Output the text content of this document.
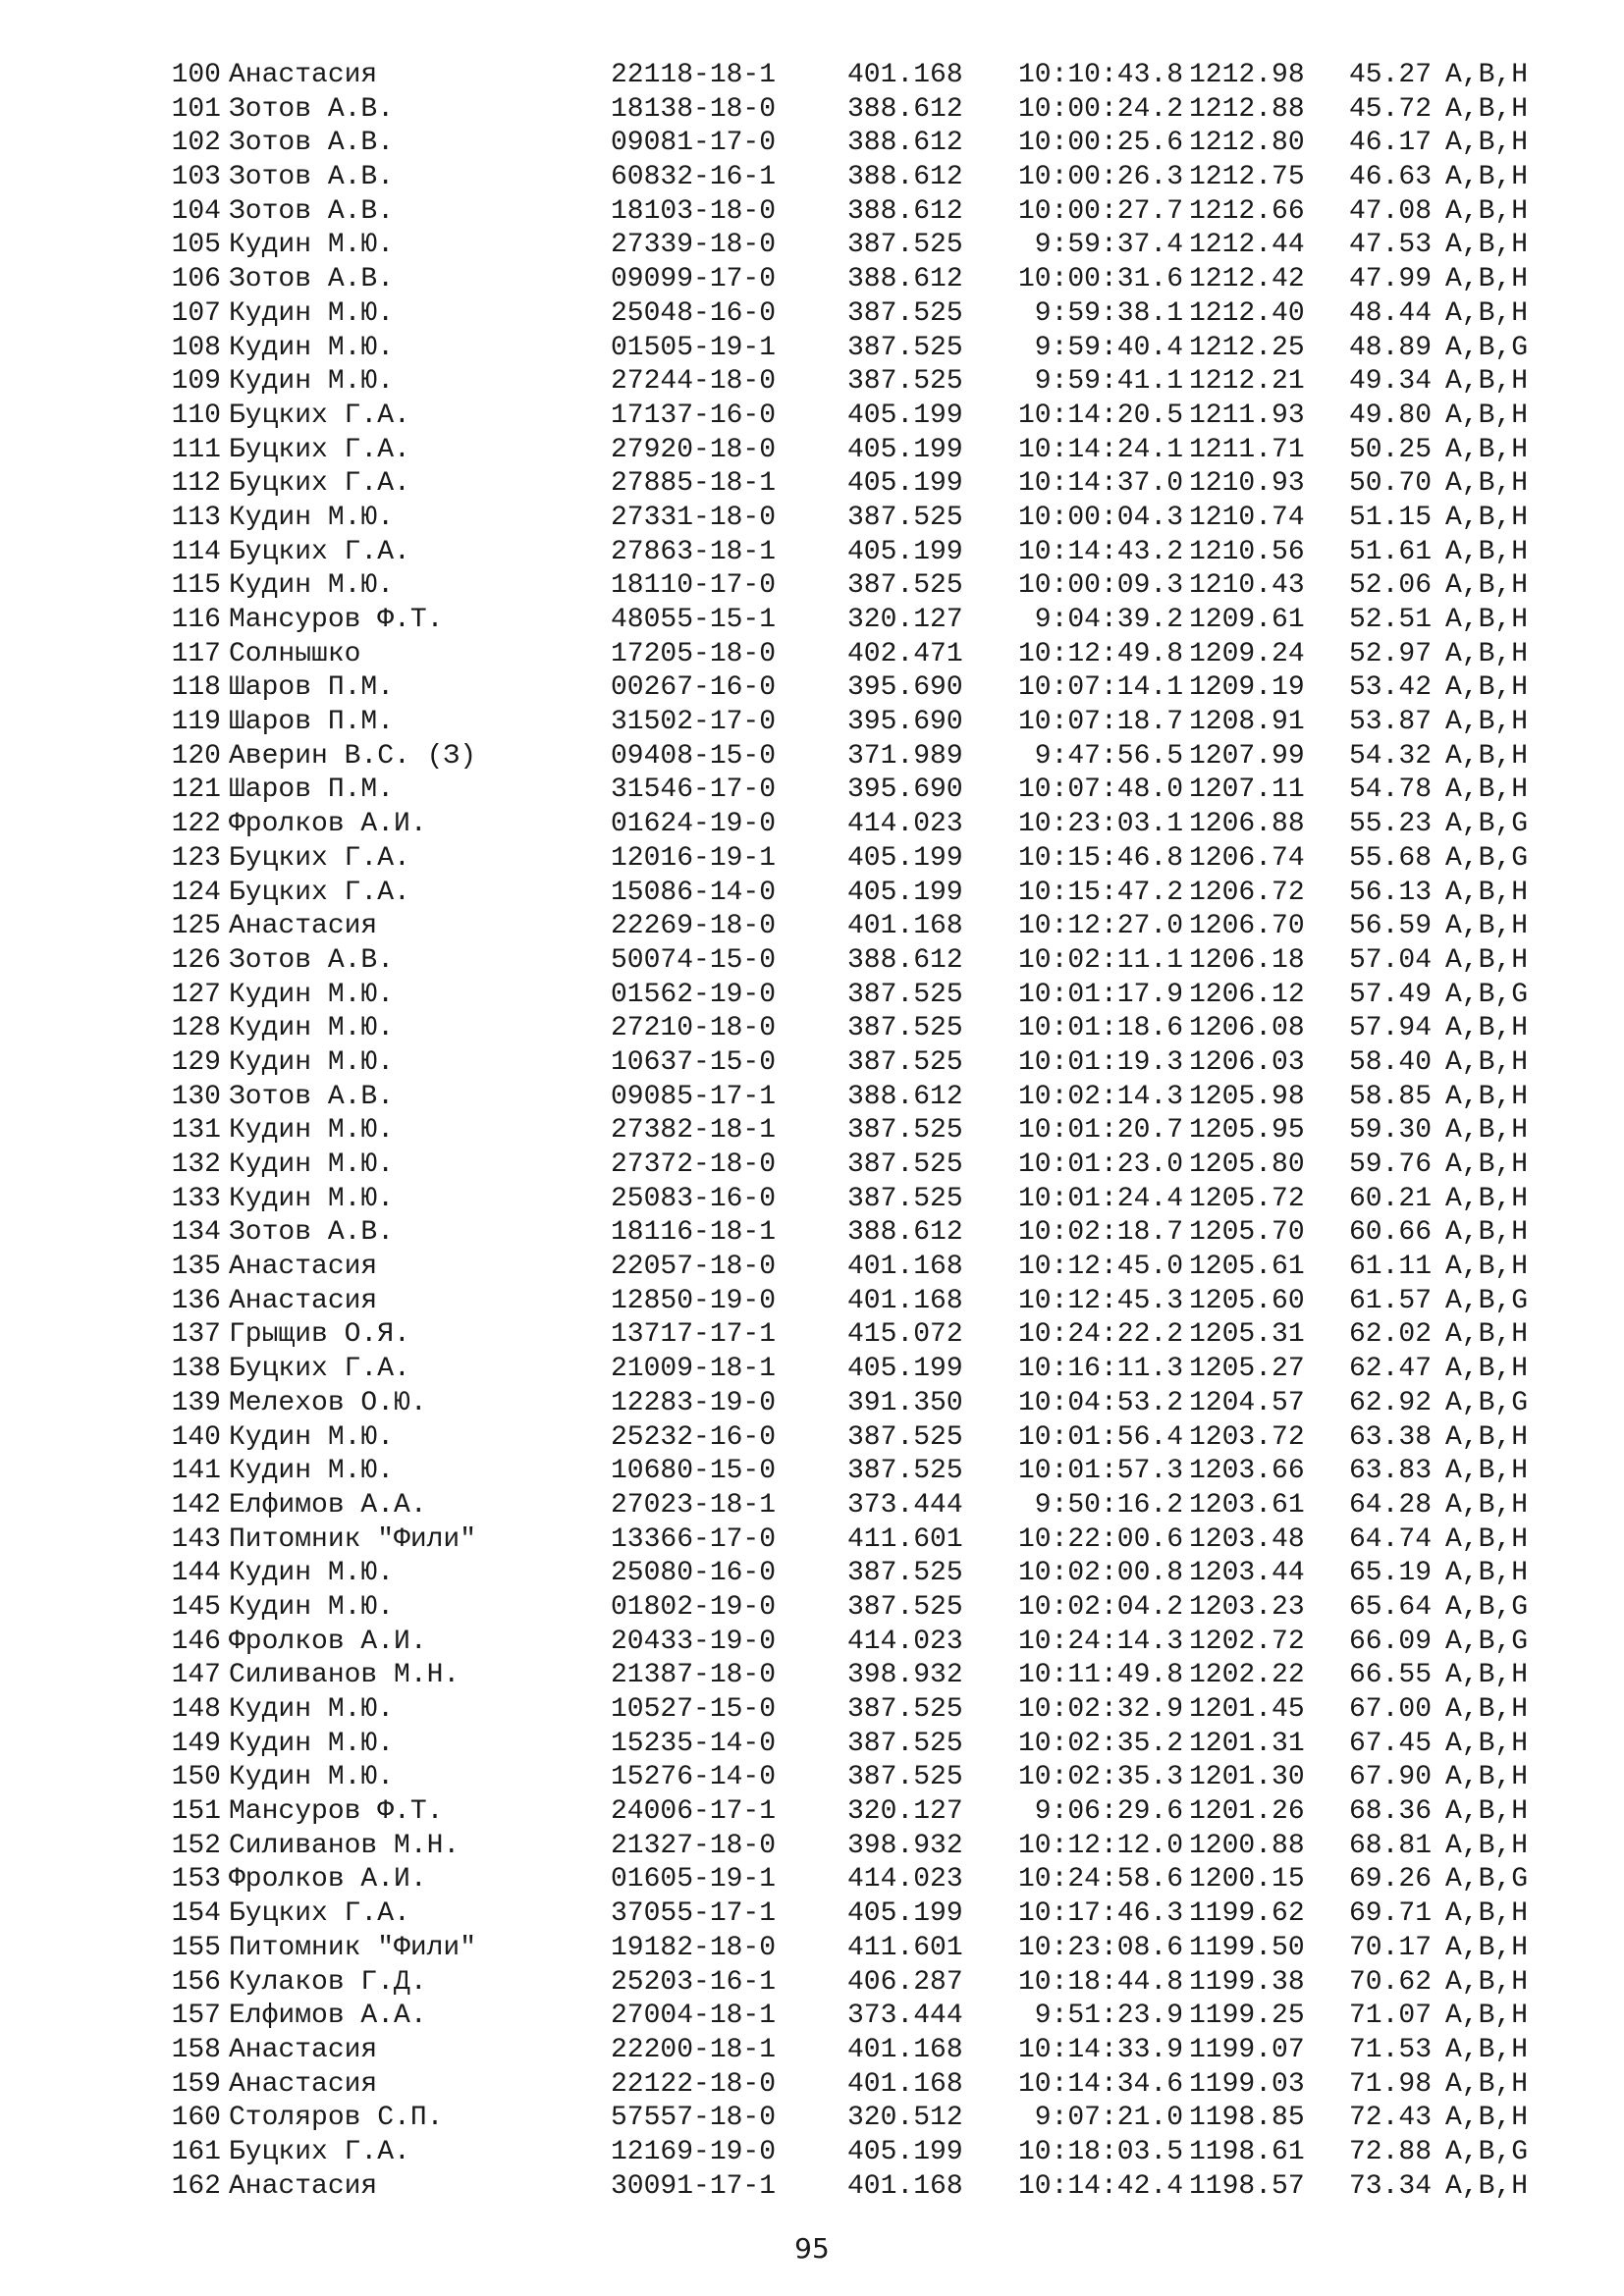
100 Анастасия	22118-18-1	401.168	10:10:43.8 1212.98 45.27 A,B,H
101 Зотов А.В.	18138-18-0	388.612	10:00:24.2 1212.88 45.72 A,B,H
102 Зотов А.В.	09081-17-0	388.612	10:00:25.6 1212.80 46.17 A,B,H
103 Зотов А.В.	60832-16-1	388.612	10:00:26.3 1212.75 46.63 A,B,H
104 Зотов А.В.	18103-18-0	388.612	10:00:27.7 1212.66 47.08 A,B,H
105 Кудин М.Ю.	27339-18-0	387.525	9:59:37.4 1212.44 47.53 A,B,H
106 Зотов А.В.	09099-17-0	388.612	10:00:31.6 1212.42 47.99 A,B,H
107 Кудин М.Ю.	25048-16-0	387.525	9:59:38.1 1212.40 48.44 A,B,H
108 Кудин М.Ю.	01505-19-1	387.525	9:59:40.4 1212.25 48.89 A,B,G
109 Кудин М.Ю.	27244-18-0	387.525	9:59:41.1 1212.21 49.34 A,B,H
110 Буцких Г.А.	17137-16-0	405.199	10:14:20.5 1211.93 49.80 A,B,H
111 Буцких Г.А.	27920-18-0	405.199	10:14:24.1 1211.71 50.25 A,B,H
112 Буцких Г.А.	27885-18-1	405.199	10:14:37.0 1210.93 50.70 A,B,H
113 Кудин М.Ю.	27331-18-0	387.525	10:00:04.3 1210.74 51.15 A,B,H
114 Буцких Г.А.	27863-18-1	405.199	10:14:43.2 1210.56 51.61 A,B,H
115 Кудин М.Ю.	18110-17-0	387.525	10:00:09.3 1210.43 52.06 A,B,H
116 Мансуров Ф.Т.	48055-15-1	320.127	9:04:39.2 1209.61 52.51 A,B,H
117 Солнышко	17205-18-0	402.471	10:12:49.8 1209.24 52.97 A,B,H
118 Шаров П.М.	00267-16-0	395.690	10:07:14.1 1209.19 53.42 A,B,H
119 Шаров П.М.	31502-17-0	395.690	10:07:18.7 1208.91 53.87 A,B,H
120 Аверин В.С. (З)	09408-15-0	371.989	9:47:56.5 1207.99 54.32 A,B,H
121 Шаров П.М.	31546-17-0	395.690	10:07:48.0 1207.11 54.78 A,B,H
122 Фролков А.И.	01624-19-0	414.023	10:23:03.1 1206.88 55.23 A,B,G
123 Буцких Г.А.	12016-19-1	405.199	10:15:46.8 1206.74 55.68 A,B,G
124 Буцких Г.А.	15086-14-0	405.199	10:15:47.2 1206.72 56.13 A,B,H
125 Анастасия	22269-18-0	401.168	10:12:27.0 1206.70 56.59 A,B,H
126 Зотов А.В.	50074-15-0	388.612	10:02:11.1 1206.18 57.04 A,B,H
127 Кудин М.Ю.	01562-19-0	387.525	10:01:17.9 1206.12 57.49 A,B,G
128 Кудин М.Ю.	27210-18-0	387.525	10:01:18.6 1206.08 57.94 A,B,H
129 Кудин М.Ю.	10637-15-0	387.525	10:01:19.3 1206.03 58.40 A,B,H
130 Зотов А.В.	09085-17-1	388.612	10:02:14.3 1205.98 58.85 A,B,H
131 Кудин М.Ю.	27382-18-1	387.525	10:01:20.7 1205.95 59.30 A,B,H
132 Кудин М.Ю.	27372-18-0	387.525	10:01:23.0 1205.80 59.76 A,B,H
133 Кудин М.Ю.	25083-16-0	387.525	10:01:24.4 1205.72 60.21 A,B,H
134 Зотов А.В.	18116-18-1	388.612	10:02:18.7 1205.70 60.66 A,B,H
135 Анастасия	22057-18-0	401.168	10:12:45.0 1205.61 61.11 A,B,H
136 Анастасия	12850-19-0	401.168	10:12:45.3 1205.60 61.57 A,B,G
137 Грыщив О.Я.	13717-17-1	415.072	10:24:22.2 1205.31 62.02 A,B,H
138 Буцких Г.А.	21009-18-1	405.199	10:16:11.3 1205.27 62.47 A,B,H
139 Мелехов О.Ю.	12283-19-0	391.350	10:04:53.2 1204.57 62.92 A,B,G
140 Кудин М.Ю.	25232-16-0	387.525	10:01:56.4 1203.72 63.38 A,B,H
141 Кудин М.Ю.	10680-15-0	387.525	10:01:57.3 1203.66 63.83 A,B,H
142 Елфимов А.А.	27023-18-1	373.444	9:50:16.2 1203.61 64.28 A,B,H
143 Питомник "Фили"	13366-17-0	411.601	10:22:00.6 1203.48 64.74 A,B,H
144 Кудин М.Ю.	25080-16-0	387.525	10:02:00.8 1203.44 65.19 A,B,H
145 Кудин М.Ю.	01802-19-0	387.525	10:02:04.2 1203.23 65.64 A,B,G
146 Фролков А.И.	20433-19-0	414.023	10:24:14.3 1202.72 66.09 A,B,G
147 Силиванов М.Н.	21387-18-0	398.932	10:11:49.8 1202.22 66.55 A,B,H
148 Кудин М.Ю.	10527-15-0	387.525	10:02:32.9 1201.45 67.00 A,B,H
149 Кудин М.Ю.	15235-14-0	387.525	10:02:35.2 1201.31 67.45 A,B,H
150 Кудин М.Ю.	15276-14-0	387.525	10:02:35.3 1201.30 67.90 A,B,H
151 Мансуров Ф.Т.	24006-17-1	320.127	9:06:29.6 1201.26 68.36 A,B,H
152 Силиванов М.Н.	21327-18-0	398.932	10:12:12.0 1200.88 68.81 A,B,H
153 Фролков А.И.	01605-19-1	414.023	10:24:58.6 1200.15 69.26 A,B,G
154 Буцких Г.А.	37055-17-1	405.199	10:17:46.3 1199.62 69.71 A,B,H
155 Питомник "Фили"	19182-18-0	411.601	10:23:08.6 1199.50 70.17 A,B,H
156 Кулаков Г.Д.	25203-16-1	406.287	10:18:44.8 1199.38 70.62 A,B,H
157 Елфимов А.А.	27004-18-1	373.444	9:51:23.9 1199.25 71.07 A,B,H
158 Анастасия	22200-18-1	401.168	10:14:33.9 1199.07 71.53 A,B,H
159 Анастасия	22122-18-0	401.168	10:14:34.6 1199.03 71.98 A,B,H
160 Столяров С.П.	57557-18-0	320.512	9:07:21.0 1198.85 72.43 A,B,H
161 Буцких Г.А.	12169-19-0	405.199	10:18:03.5 1198.61 72.88 A,B,G
162 Анастасия	30091-17-1	401.168	10:14:42.4 1198.57 73.34 A,B,H
95
